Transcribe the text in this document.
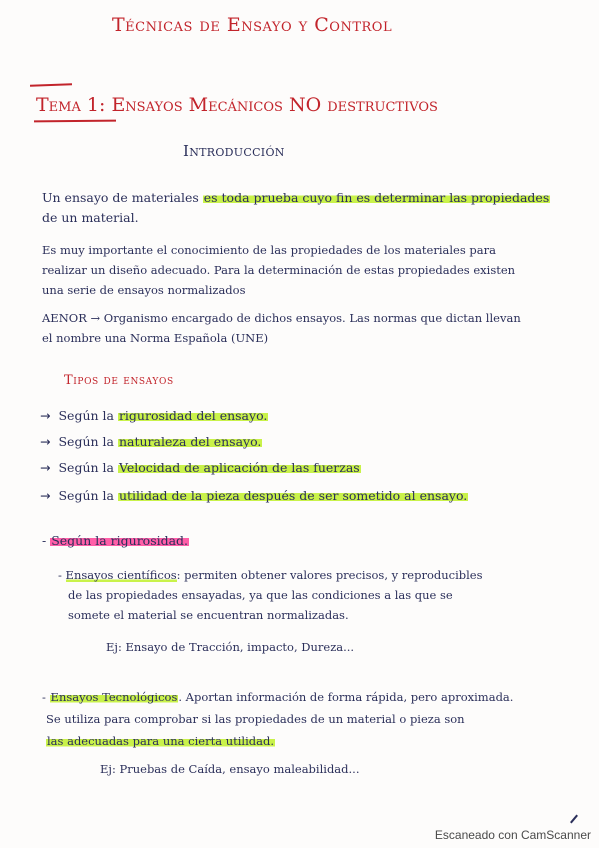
Técnicas de Ensayo y Control
Tema 1: Ensayos Mecánicos NO destructivos
Introducción
Un ensayo de materiales es toda prueba cuyo fin es determinar las propiedades
de un material.
Es muy importante el conocimiento de las propiedades de los materiales para
realizar un diseño adecuado. Para la determinación de estas propiedades existen
una serie de ensayos normalizados
AENOR → Organismo encargado de dichos ensayos. Las normas que dictan llevan
el nombre una Norma Española (UNE)
Tipos de ensayos
→ Según la rigurosidad del ensayo.
→ Según la naturaleza del ensayo.
→ Según la Velocidad de aplicación de las fuerzas
→ Según la utilidad de la pieza después de ser sometido al ensayo.
- Según la rigurosidad.
- Ensayos científicos: permiten obtener valores precisos, y reproducibles
de las propiedades ensayadas, ya que las condiciones a las que se
somete el material se encuentran normalizadas.
Ej: Ensayo de Tracción, impacto, Dureza...
- Ensayos Tecnológicos. Aportan información de forma rápida, pero aproximada.
Se utiliza para comprobar si las propiedades de un material o pieza son
las adecuadas para una cierta utilidad.
Ej: Pruebas de Caída, ensayo maleabilidad...
Escaneado con CamScanner
